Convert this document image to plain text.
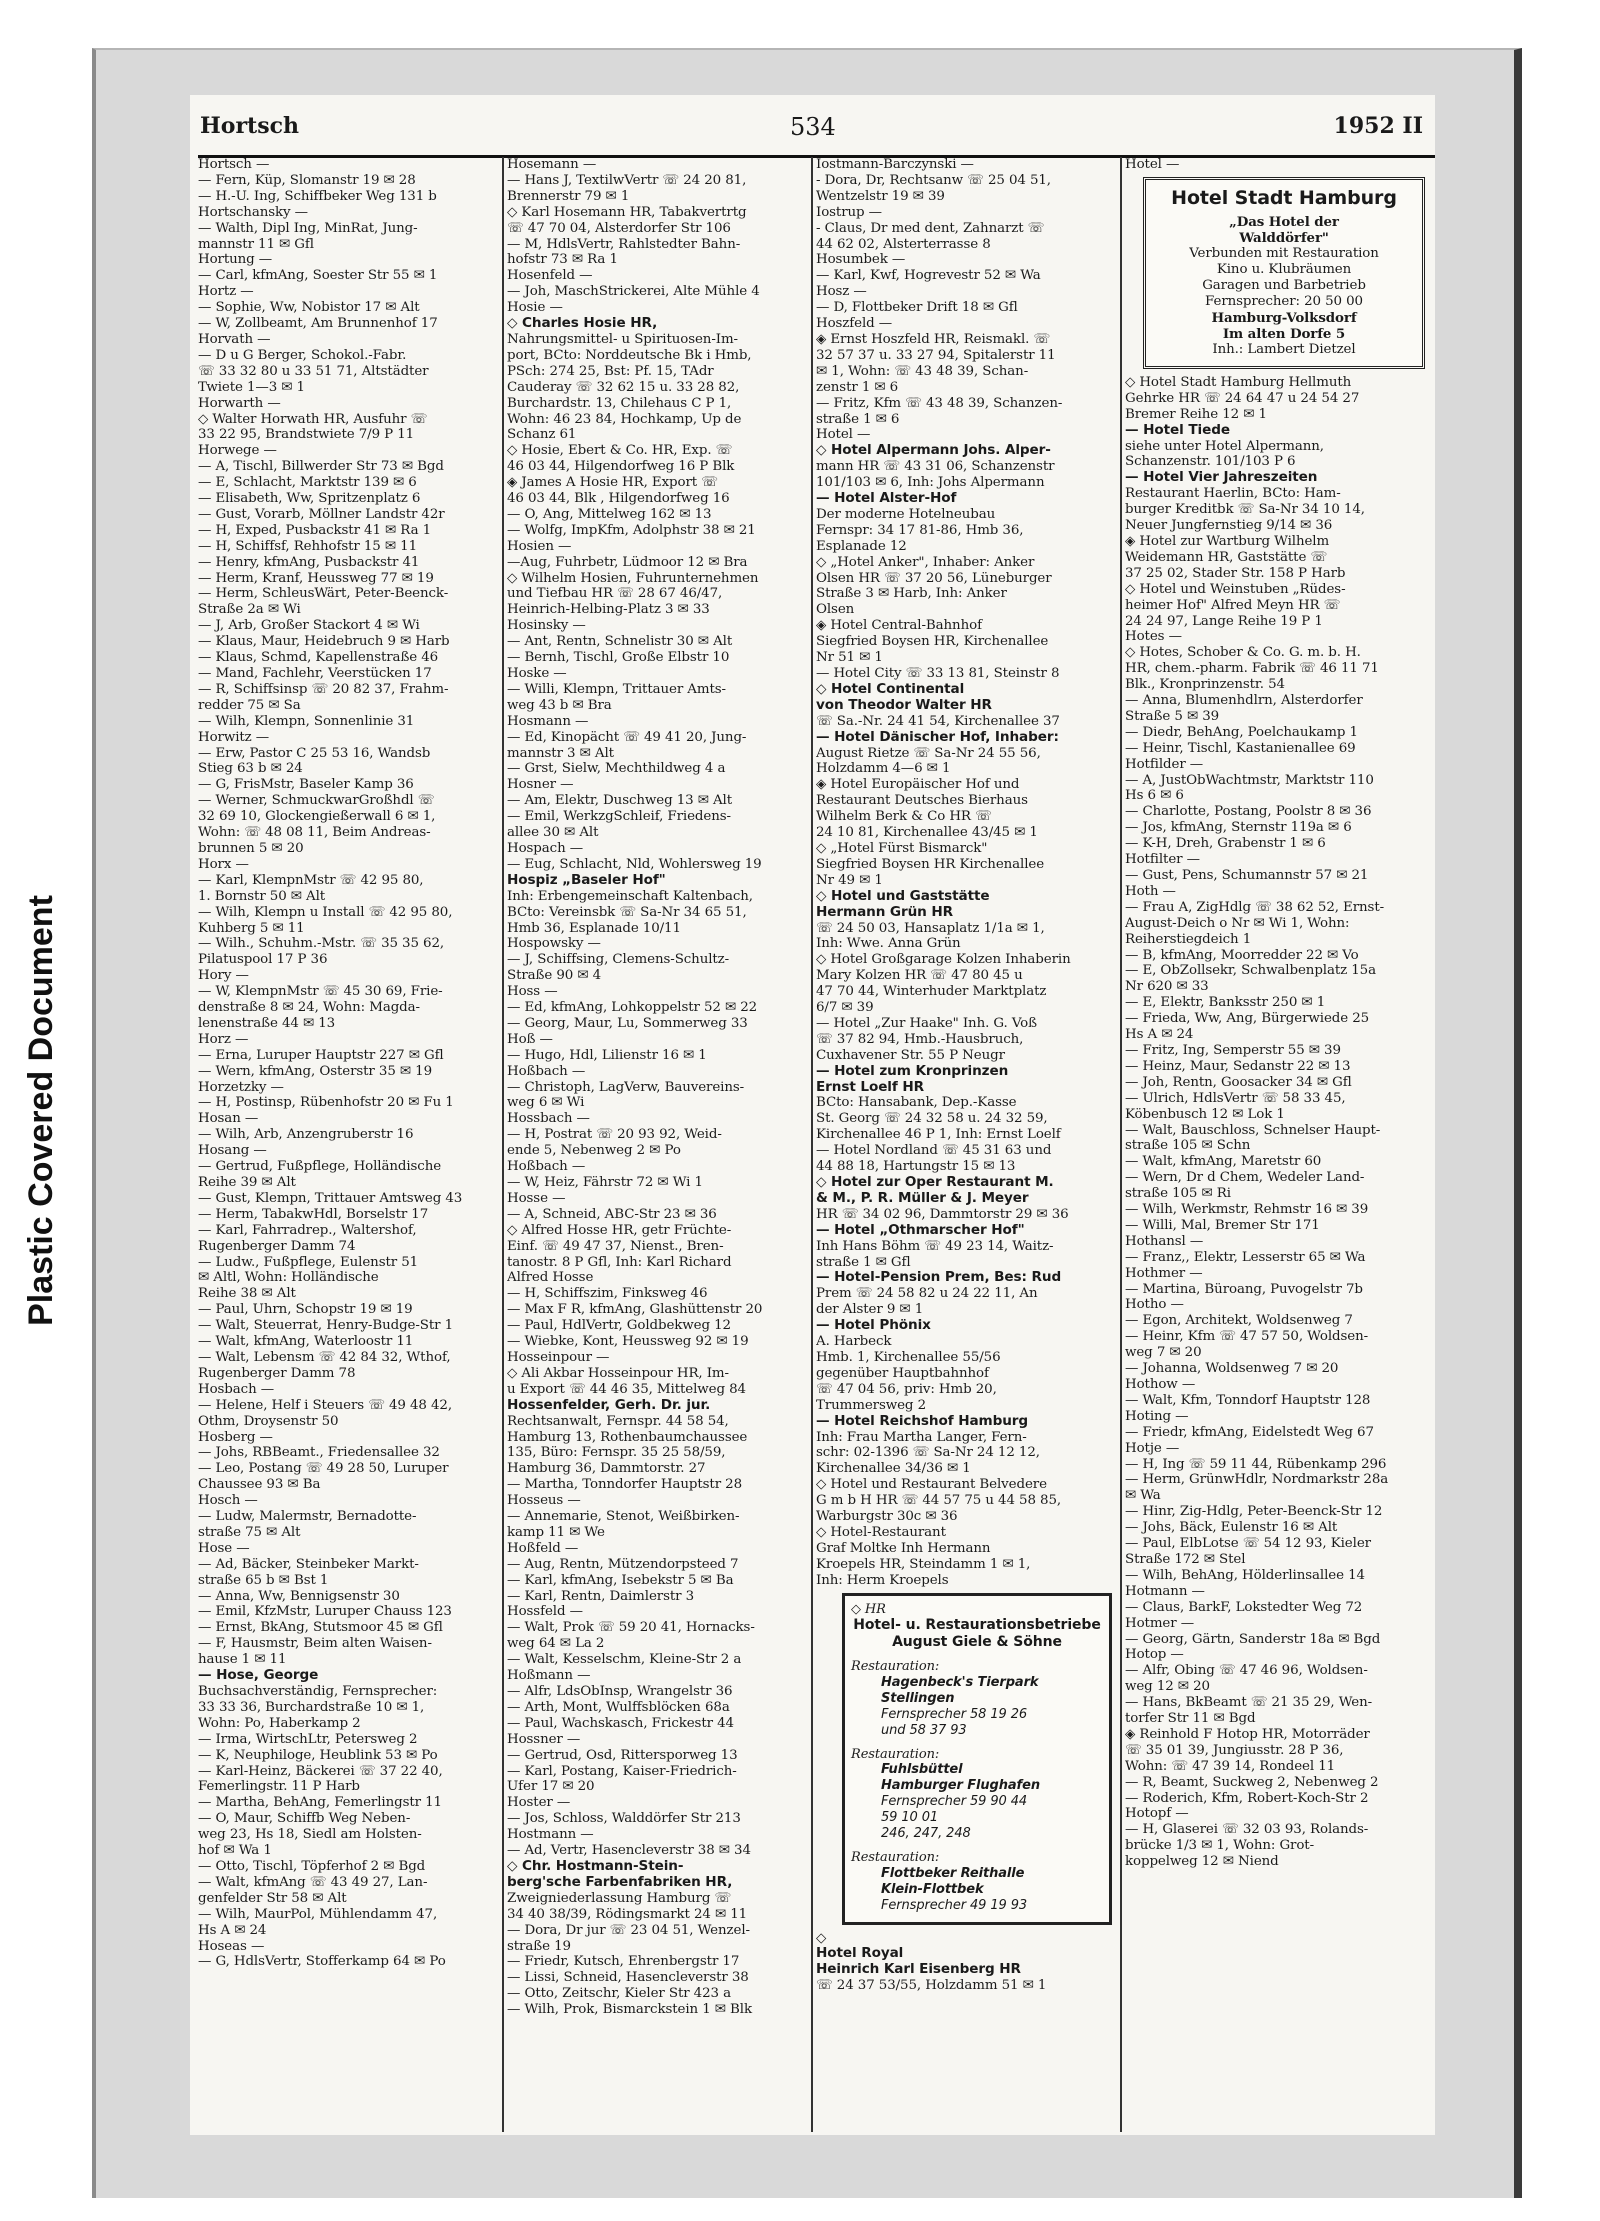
Plastic Covered Document
Hortsch	534	1952 II
Hortsch —
— Fern, Küp, Slomanstr 19 ✉ 28
— H.-U. Ing, Schiffbeker Weg 131 b
Hortschansky —
— Walth, Dipl Ing, MinRat, Jung-
mannstr 11 ✉ Gfl
Hortung —
— Carl, kfmAng, Soester Str 55 ✉ 1
Hortz —
— Sophie, Ww, Nobistor 17 ✉ Alt
— W, Zollbeamt, Am Brunnenhof 17
Horvath —
— D u G Berger, Schokol.-Fabr.
☏ 33 32 80 u 33 51 71, Altstädter
Twiete 1—3 ✉ 1
Horwarth —
◇ Walter Horwath HR, Ausfuhr ☏
33 22 95, Brandstwiete 7/9 P 11
Horwege —
— A, Tischl, Billwerder Str 73 ✉ Bgd
— E, Schlacht, Marktstr 139 ✉ 6
— Elisabeth, Ww, Spritzenplatz 6
— Gust, Vorarb, Möllner Landstr 42r
— H, Exped, Pusbackstr 41 ✉ Ra 1
— H, Schiffsf, Rehhofstr 15 ✉ 11
— Henry, kfmAng, Pusbackstr 41
— Herm, Kranf, Heussweg 77 ✉ 19
— Herm, SchleusWärt, Peter-Beenck-
Straße 2a ✉ Wi
— J, Arb, Großer Stackort 4 ✉ Wi
— Klaus, Maur, Heidebruch 9 ✉ Harb
— Klaus, Schmd, Kapellenstraße 46
— Mand, Fachlehr, Veerstücken 17
— R, Schiffsinsp ☏ 20 82 37, Frahm-
redder 75 ✉ Sa
— Wilh, Klempn, Sonnenlinie 31
Horwitz —
— Erw, Pastor C 25 53 16, Wandsb
Stieg 63 b ✉ 24
— G, FrisMstr, Baseler Kamp 36
— Werner, SchmuckwarGroßhdl ☏
32 69 10, Glockengießerwall 6 ✉ 1,
Wohn: ☏ 48 08 11, Beim Andreas-
brunnen 5 ✉ 20
Horx —
— Karl, KlempnMstr ☏ 42 95 80,
1. Bornstr 50 ✉ Alt
— Wilh, Klempn u Install ☏ 42 95 80,
Kuhberg 5 ✉ 11
— Wilh., Schuhm.-Mstr. ☏ 35 35 62,
Pilatuspool 17 P 36
Hory —
— W, KlempnMstr ☏ 45 30 69, Frie-
denstraße 8 ✉ 24, Wohn: Magda-
lenenstraße 44 ✉ 13
Horz —
— Erna, Luruper Hauptstr 227 ✉ Gfl
— Wern, kfmAng, Osterstr 35 ✉ 19
Horzetzky —
— H, Postinsp, Rübenhofstr 20 ✉ Fu 1
Hosan —
— Wilh, Arb, Anzengruberstr 16
Hosang —
— Gertrud, Fußpflege, Holländische
Reihe 39 ✉ Alt
— Gust, Klempn, Trittauer Amtsweg 43
— Herm, TabakwHdl, Borselstr 17
— Karl, Fahrradrep., Waltershof,
Rugenberger Damm 74
— Ludw., Fußpflege, Eulenstr 51
✉ Altl, Wohn: Holländische
Reihe 38 ✉ Alt
— Paul, Uhrn, Schopstr 19 ✉ 19
— Walt, Steuerrat, Henry-Budge-Str 1
— Walt, kfmAng, Waterloostr 11
— Walt, Lebensm ☏ 42 84 32, Wthof,
Rugenberger Damm 78
Hosbach —
— Helene, Helf i Steuers ☏ 49 48 42,
Othm, Droysenstr 50
Hosberg —
— Johs, RBBeamt., Friedensallee 32
— Leo, Postang ☏ 49 28 50, Luruper
Chaussee 93 ✉ Ba
Hosch —
— Ludw, Malermstr, Bernadotte-
straße 75 ✉ Alt
Hose —
— Ad, Bäcker, Steinbeker Markt-
straße 65 b ✉ Bst 1
— Anna, Ww, Bennigsenstr 30
— Emil, KfzMstr, Luruper Chauss 123
— Ernst, BkAng, Stutsmoor 45 ✉ Gfl
— F, Hausmstr, Beim alten Waisen-
hause 1 ✉ 11
— Hose, George
Buchsachverständig, Fernsprecher:
33 33 36, Burchardstraße 10 ✉ 1,
Wohn: Po, Haberkamp 2
— Irma, WirtschLtr, Petersweg 2
— K, Neuphiloge, Heublink 53 ✉ Po
— Karl-Heinz, Bäckerei ☏ 37 22 40,
Femerlingstr. 11 P Harb
— Martha, BehAng, Femerlingstr 11
— O, Maur, Schiffb Weg Neben-
weg 23, Hs 18, Siedl am Holsten-
hof ✉ Wa 1
— Otto, Tischl, Töpferhof 2 ✉ Bgd
— Walt, kfmAng ☏ 43 49 27, Lan-
genfelder Str 58 ✉ Alt
— Wilh, MaurPol, Mühlendamm 47,
Hs A ✉ 24
Hoseas —
— G, HdlsVertr, Stofferkamp 64 ✉ Po
Hosemann —
— Hans J, TextilwVertr ☏ 24 20 81,
Brennerstr 79 ✉ 1
◇ Karl Hosemann HR, Tabakvertrtg
☏ 47 70 04, Alsterdorfer Str 106
— M, HdlsVertr, Rahlstedter Bahn-
hofstr 73 ✉ Ra 1
Hosenfeld —
— Joh, MaschStrickerei, Alte Mühle 4
Hosie —
◇ Charles Hosie HR,
Nahrungsmittel- u Spirituosen-Im-
port, BCto: Norddeutsche Bk i Hmb,
PSch: 274 25, Bst: Pf. 15, TAdr
Cauderay ☏ 32 62 15 u. 33 28 82,
Burchardstr. 13, Chilehaus C P 1,
Wohn: 46 23 84, Hochkamp, Up de
Schanz 61
◇ Hosie, Ebert & Co. HR, Exp. ☏
46 03 44, Hilgendorfweg 16 P Blk
◈ James A Hosie HR, Export ☏
46 03 44, Blk , Hilgendorfweg 16
— O, Ang, Mittelweg 162 ✉ 13
— Wolfg, ImpKfm, Adolphstr 38 ✉ 21
Hosien —
—Aug, Fuhrbetr, Lüdmoor 12 ✉ Bra
◇ Wilhelm Hosien, Fuhrunternehmen
und Tiefbau HR ☏ 28 67 46/47,
Heinrich-Helbing-Platz 3 ✉ 33
Hosinsky —
— Ant, Rentn, Schnelistr 30 ✉ Alt
— Bernh, Tischl, Große Elbstr 10
Hoske —
— Willi, Klempn, Trittauer Amts-
weg 43 b ✉ Bra
Hosmann —
— Ed, Kinopächt ☏ 49 41 20, Jung-
mannstr 3 ✉ Alt
— Grst, Sielw, Mechthildweg 4 a
Hosner —
— Am, Elektr, Duschweg 13 ✉ Alt
— Emil, WerkzgSchleif, Friedens-
allee 30 ✉ Alt
Hospach —
— Eug, Schlacht, Nld, Wohlersweg 19
Hospiz „Baseler Hof"
Inh: Erbengemeinschaft Kaltenbach,
BCto: Vereinsbk ☏ Sa-Nr 34 65 51,
Hmb 36, Esplanade 10/11
Hospowsky —
— J, Schiffsing, Clemens-Schultz-
Straße 90 ✉ 4
Hoss —
— Ed, kfmAng, Lohkoppelstr 52 ✉ 22
— Georg, Maur, Lu, Sommerweg 33
Hoß —
— Hugo, Hdl, Lilienstr 16 ✉ 1
Hoßbach —
— Christoph, LagVerw, Bauvereins-
weg 6 ✉ Wi
Hossbach —
— H, Postrat ☏ 20 93 92, Weid-
ende 5, Nebenweg 2 ✉ Po
Hoßbach —
— W, Heiz, Fährstr 72 ✉ Wi 1
Hosse —
— A, Schneid, ABC-Str 23 ✉ 36
◇ Alfred Hosse HR, getr Früchte-
Einf. ☏ 49 47 37, Nienst., Bren-
tanostr. 8 P Gfl, Inh: Karl Richard
Alfred Hosse
— H, Schiffszim, Finksweg 46
— Max F R, kfmAng, Glashüttenstr 20
— Paul, HdlVertr, Goldbekweg 12
— Wiebke, Kont, Heussweg 92 ✉ 19
Hosseinpour —
◇ Ali Akbar Hosseinpour HR, Im-
u Export ☏ 44 46 35, Mittelweg 84
Hossenfelder, Gerh. Dr. jur.
Rechtsanwalt, Fernspr. 44 58 54,
Hamburg 13, Rothenbaumchaussee
135, Büro: Fernspr. 35 25 58/59,
Hamburg 36, Dammtorstr. 27
— Martha, Tonndorfer Hauptstr 28
Hosseus —
— Annemarie, Stenot, Weißbirken-
kamp 11 ✉ We
Hoßfeld —
— Aug, Rentn, Mützendorpsteed 7
— Karl, kfmAng, Isebekstr 5 ✉ Ba
— Karl, Rentn, Daimlerstr 3
Hossfeld —
— Walt, Prok ☏ 59 20 41, Hornacks-
weg 64 ✉ La 2
— Walt, Kesselschm, Kleine-Str 2 a
Hoßmann —
— Alfr, LdsObInsp, Wrangelstr 36
— Arth, Mont, Wulffsblöcken 68a
— Paul, Wachskasch, Frickestr 44
Hossner —
— Gertrud, Osd, Rittersporweg 13
— Karl, Postang, Kaiser-Friedrich-
Ufer 17 ✉ 20
Hoster —
— Jos, Schloss, Walddörfer Str 213
Hostmann —
— Ad, Vertr, Hasencleverstr 38 ✉ 34
◇ Chr. Hostmann-Stein-
berg'sche Farbenfabriken HR,
Zweigniederlassung Hamburg ☏
34 40 38/39, Rödingsmarkt 24 ✉ 11
— Dora, Dr jur ☏ 23 04 51, Wenzel-
straße 19
— Friedr, Kutsch, Ehrenbergstr 17
— Lissi, Schneid, Hasencleverstr 38
— Otto, Zeitschr, Kieler Str 423 a
— Wilh, Prok, Bismarckstein 1 ✉ Blk
Iostmann-Barczynski —
- Dora, Dr, Rechtsanw ☏ 25 04 51,
Wentzelstr 19 ✉ 39
Iostrup —
- Claus, Dr med dent, Zahnarzt ☏
44 62 02, Alsterterrasse 8
Hosumbek —
— Karl, Kwf, Hogrevestr 52 ✉ Wa
Hosz —
— D, Flottbeker Drift 18 ✉ Gfl
Hoszfeld —
◈ Ernst Hoszfeld HR, Reismakl. ☏
32 57 37 u. 33 27 94, Spitalerstr 11
✉ 1, Wohn: ☏ 43 48 39, Schan-
zenstr 1 ✉ 6
— Fritz, Kfm ☏ 43 48 39, Schanzen-
straße 1 ✉ 6
Hotel —
◇ Hotel Alpermann Johs. Alper-
mann HR ☏ 43 31 06, Schanzenstr
101/103 ✉ 6, Inh: Johs Alpermann
— Hotel Alster-Hof
Der moderne Hotelneubau
Fernspr: 34 17 81-86, Hmb 36,
Esplanade 12
◇ „Hotel Anker", Inhaber: Anker
Olsen HR ☏ 37 20 56, Lüneburger
Straße 3 ✉ Harb, Inh: Anker
Olsen
◈ Hotel Central-Bahnhof
Siegfried Boysen HR, Kirchenallee
Nr 51 ✉ 1
— Hotel City ☏ 33 13 81, Steinstr 8
◇ Hotel Continental
von Theodor Walter HR
☏ Sa.-Nr. 24 41 54, Kirchenallee 37
— Hotel Dänischer Hof, Inhaber:
August Rietze ☏ Sa-Nr 24 55 56,
Holzdamm 4—6 ✉ 1
◈ Hotel Europäischer Hof und
Restaurant Deutsches Bierhaus
Wilhelm Berk & Co HR ☏
24 10 81, Kirchenallee 43/45 ✉ 1
◇ „Hotel Fürst Bismarck"
Siegfried Boysen HR Kirchenallee
Nr 49 ✉ 1
◇ Hotel und Gaststätte
Hermann Grün HR
☏ 24 50 03, Hansaplatz 1/1a ✉ 1,
Inh: Wwe. Anna Grün
◇ Hotel Großgarage Kolzen Inhaberin
Mary Kolzen HR ☏ 47 80 45 u
47 70 44, Winterhuder Marktplatz
6/7 ✉ 39
— Hotel „Zur Haake" Inh. G. Voß
☏ 37 82 94, Hmb.-Hausbruch,
Cuxhavener Str. 55 P Neugr
— Hotel zum Kronprinzen
Ernst Loelf HR
BCto: Hansabank, Dep.-Kasse
St. Georg ☏ 24 32 58 u. 24 32 59,
Kirchenallee 46 P 1, Inh: Ernst Loelf
— Hotel Nordland ☏ 45 31 63 und
44 88 18, Hartungstr 15 ✉ 13
◇ Hotel zur Oper Restaurant M.
& M., P. R. Müller & J. Meyer
HR ☏ 34 02 96, Dammtorstr 29 ✉ 36
— Hotel „Othmarscher Hof"
Inh Hans Böhm ☏ 49 23 14, Waitz-
straße 1 ✉ Gfl
— Hotel-Pension Prem, Bes: Rud
Prem ☏ 24 58 82 u 24 22 11, An
der Alster 9 ✉ 1
— Hotel Phönix
A. Harbeck
Hmb. 1, Kirchenallee 55/56
gegenüber Hauptbahnhof
☏ 47 04 56, priv: Hmb 20,
Trummersweg 2
— Hotel Reichshof Hamburg
Inh: Frau Martha Langer, Fern-
schr: 02-1396 ☏ Sa-Nr 24 12 12,
Kirchenallee 34/36 ✉ 1
◇ Hotel und Restaurant Belvedere
G m b H HR ☏ 44 57 75 u 44 58 85,
Warburgstr 30c ✉ 36
◇ Hotel-Restaurant
Graf Moltke Inh Hermann
Kroepels HR, Steindamm 1 ✉ 1,
Inh: Herm Kroepels
◇ HR
Hotel- u. Restaurationsbetriebe
August Giele & Söhne
Restauration:
Hagenbeck's Tierpark
Stellingen
Fernsprecher 58 19 26
und 58 37 93
Restauration:
Fuhlsbüttel
Hamburger Flughafen
Fernsprecher 59 90 44
59 10 01
246, 247, 248
Restauration:
Flottbeker Reithalle
Klein-Flottbek
Fernsprecher 49 19 93
◇
Hotel Royal
Heinrich Karl Eisenberg HR
☏ 24 37 53/55, Holzdamm 51 ✉ 1
Hotel —
Hotel Stadt Hamburg
„Das Hotel der
Walddörfer"
Verbunden mit Restauration
Kino u. Klubräumen
Garagen und Barbetrieb
Fernsprecher: 20 50 00
Hamburg-Volksdorf
Im alten Dorfe 5
Inh.: Lambert Dietzel
◇ Hotel Stadt Hamburg Hellmuth
Gehrke HR ☏ 24 64 47 u 24 54 27
Bremer Reihe 12 ✉ 1
— Hotel Tiede
siehe unter Hotel Alpermann,
Schanzenstr. 101/103 P 6
— Hotel Vier Jahreszeiten
Restaurant Haerlin, BCto: Ham-
burger Kreditbk ☏ Sa-Nr 34 10 14,
Neuer Jungfernstieg 9/14 ✉ 36
◈ Hotel zur Wartburg Wilhelm
Weidemann HR, Gaststätte ☏
37 25 02, Stader Str. 158 P Harb
◇ Hotel und Weinstuben „Rüdes-
heimer Hof" Alfred Meyn HR ☏
24 24 97, Lange Reihe 19 P 1
Hotes —
◇ Hotes, Schober & Co. G. m. b. H.
HR, chem.-pharm. Fabrik ☏ 46 11 71
Blk., Kronprinzenstr. 54
— Anna, Blumenhdlrn, Alsterdorfer
Straße 5 ✉ 39
— Diedr, BehAng, Poelchaukamp 1
— Heinr, Tischl, Kastanienallee 69
Hotfilder —
— A, JustObWachtmstr, Marktstr 110
Hs 6 ✉ 6
— Charlotte, Postang, Poolstr 8 ✉ 36
— Jos, kfmAng, Sternstr 119a ✉ 6
— K-H, Dreh, Grabenstr 1 ✉ 6
Hotfilter —
— Gust, Pens, Schumannstr 57 ✉ 21
Hoth —
— Frau A, ZigHdlg ☏ 38 62 52, Ernst-
August-Deich o Nr ✉ Wi 1, Wohn:
Reiherstiegdeich 1
— B, kfmAng, Moorredder 22 ✉ Vo
— E, ObZollsekr, Schwalbenplatz 15a
Nr 620 ✉ 33
— E, Elektr, Banksstr 250 ✉ 1
— Frieda, Ww, Ang, Bürgerwiede 25
Hs A ✉ 24
— Fritz, Ing, Semperstr 55 ✉ 39
— Heinz, Maur, Sedanstr 22 ✉ 13
— Joh, Rentn, Goosacker 34 ✉ Gfl
— Ulrich, HdlsVertr ☏ 58 33 45,
Köbenbusch 12 ✉ Lok 1
— Walt, Bauschloss, Schnelser Haupt-
straße 105 ✉ Schn
— Walt, kfmAng, Maretstr 60
— Wern, Dr d Chem, Wedeler Land-
straße 105 ✉ Ri
— Wilh, Werkmstr, Rehmstr 16 ✉ 39
— Willi, Mal, Bremer Str 171
Hothansl —
— Franz,, Elektr, Lesserstr 65 ✉ Wa
Hothmer —
— Martina, Büroang, Puvogelstr 7b
Hotho —
— Egon, Architekt, Woldsenweg 7
— Heinr, Kfm ☏ 47 57 50, Woldsen-
weg 7 ✉ 20
— Johanna, Woldsenweg 7 ✉ 20
Hothow —
— Walt, Kfm, Tonndorf Hauptstr 128
Hoting —
— Friedr, kfmAng, Eidelstedt Weg 67
Hotje —
— H, Ing ☏ 59 11 44, Rübenkamp 296
— Herm, GrünwHdlr, Nordmarkstr 28a
✉ Wa
— Hinr, Zig-Hdlg, Peter-Beenck-Str 12
— Johs, Bäck, Eulenstr 16 ✉ Alt
— Paul, ElbLotse ☏ 54 12 93, Kieler
Straße 172 ✉ Stel
— Wilh, BehAng, Hölderlinsallee 14
Hotmann —
— Claus, BarkF, Lokstedter Weg 72
Hotmer —
— Georg, Gärtn, Sanderstr 18a ✉ Bgd
Hotop —
— Alfr, Obing ☏ 47 46 96, Woldsen-
weg 12 ✉ 20
— Hans, BkBeamt ☏ 21 35 29, Wen-
torfer Str 11 ✉ Bgd
◈ Reinhold F Hotop HR, Motorräder
☏ 35 01 39, Jungiusstr. 28 P 36,
Wohn: ☏ 47 39 14, Rondeel 11
— R, Beamt, Suckweg 2, Nebenweg 2
— Roderich, Kfm, Robert-Koch-Str 2
Hotopf —
— H, Glaserei ☏ 32 03 93, Rolands-
brücke 1/3 ✉ 1, Wohn: Grot-
koppelweg 12 ✉ Niend
